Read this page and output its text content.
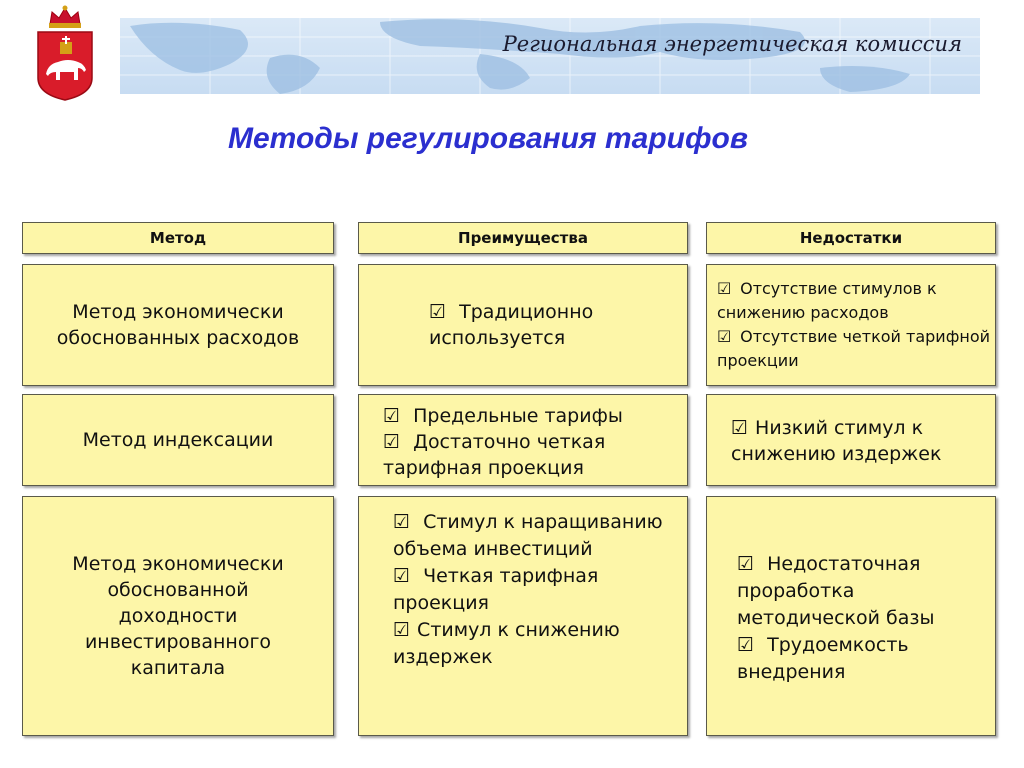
Региональная энергетическая комиссия
Методы регулирования тарифов
Метод	Преимущества	Недостатки
Метод экономически обоснованных расходов
☑ Традиционно используется
☑ Отсутствие стимулов к снижению расходов
☑ Отсутствие четкой тарифной проекции
Метод индексации
☑ Предельные тарифы
☑ Достаточно четкая тарифная проекция
☑ Низкий стимул к снижению издержек
Метод экономически обоснованной доходности инвестированного капитала
☑ Стимул к наращиванию объема инвестиций
☑ Четкая тарифная проекция
☑ Стимул к снижению издержек
☑ Недостаточная проработка методической базы
☑ Трудоемкость внедрения
